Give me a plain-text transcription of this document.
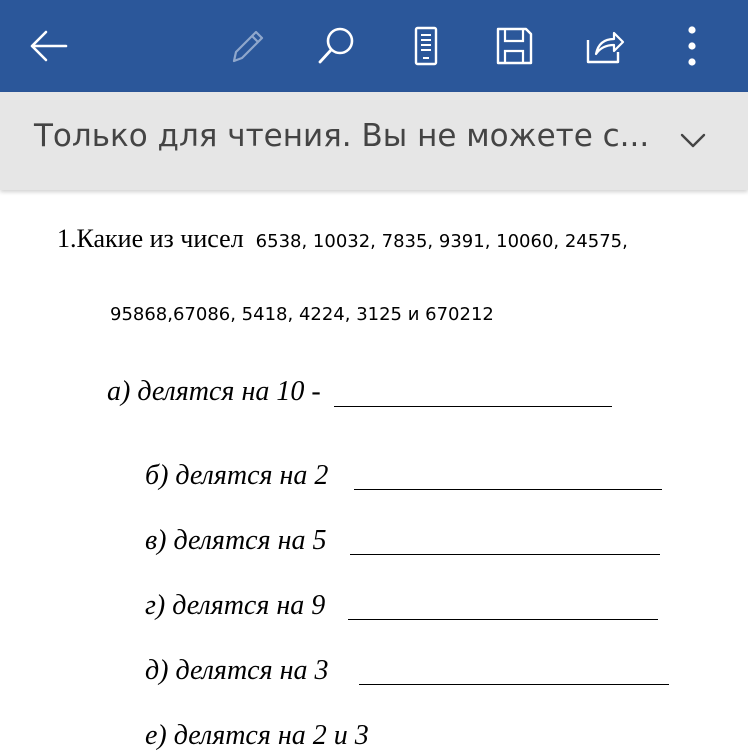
Только для чтения. Вы не можете с...
1.Какие из чисел 6538, 10032, 7835, 9391, 10060, 24575,
95868,67086, 5418, 4224, 3125 и 670212
а) делятся на 10 -
б) делятся на 2
в) делятся на 5
г) делятся на 9
д) делятся на 3
е) делятся на 2 и 3
